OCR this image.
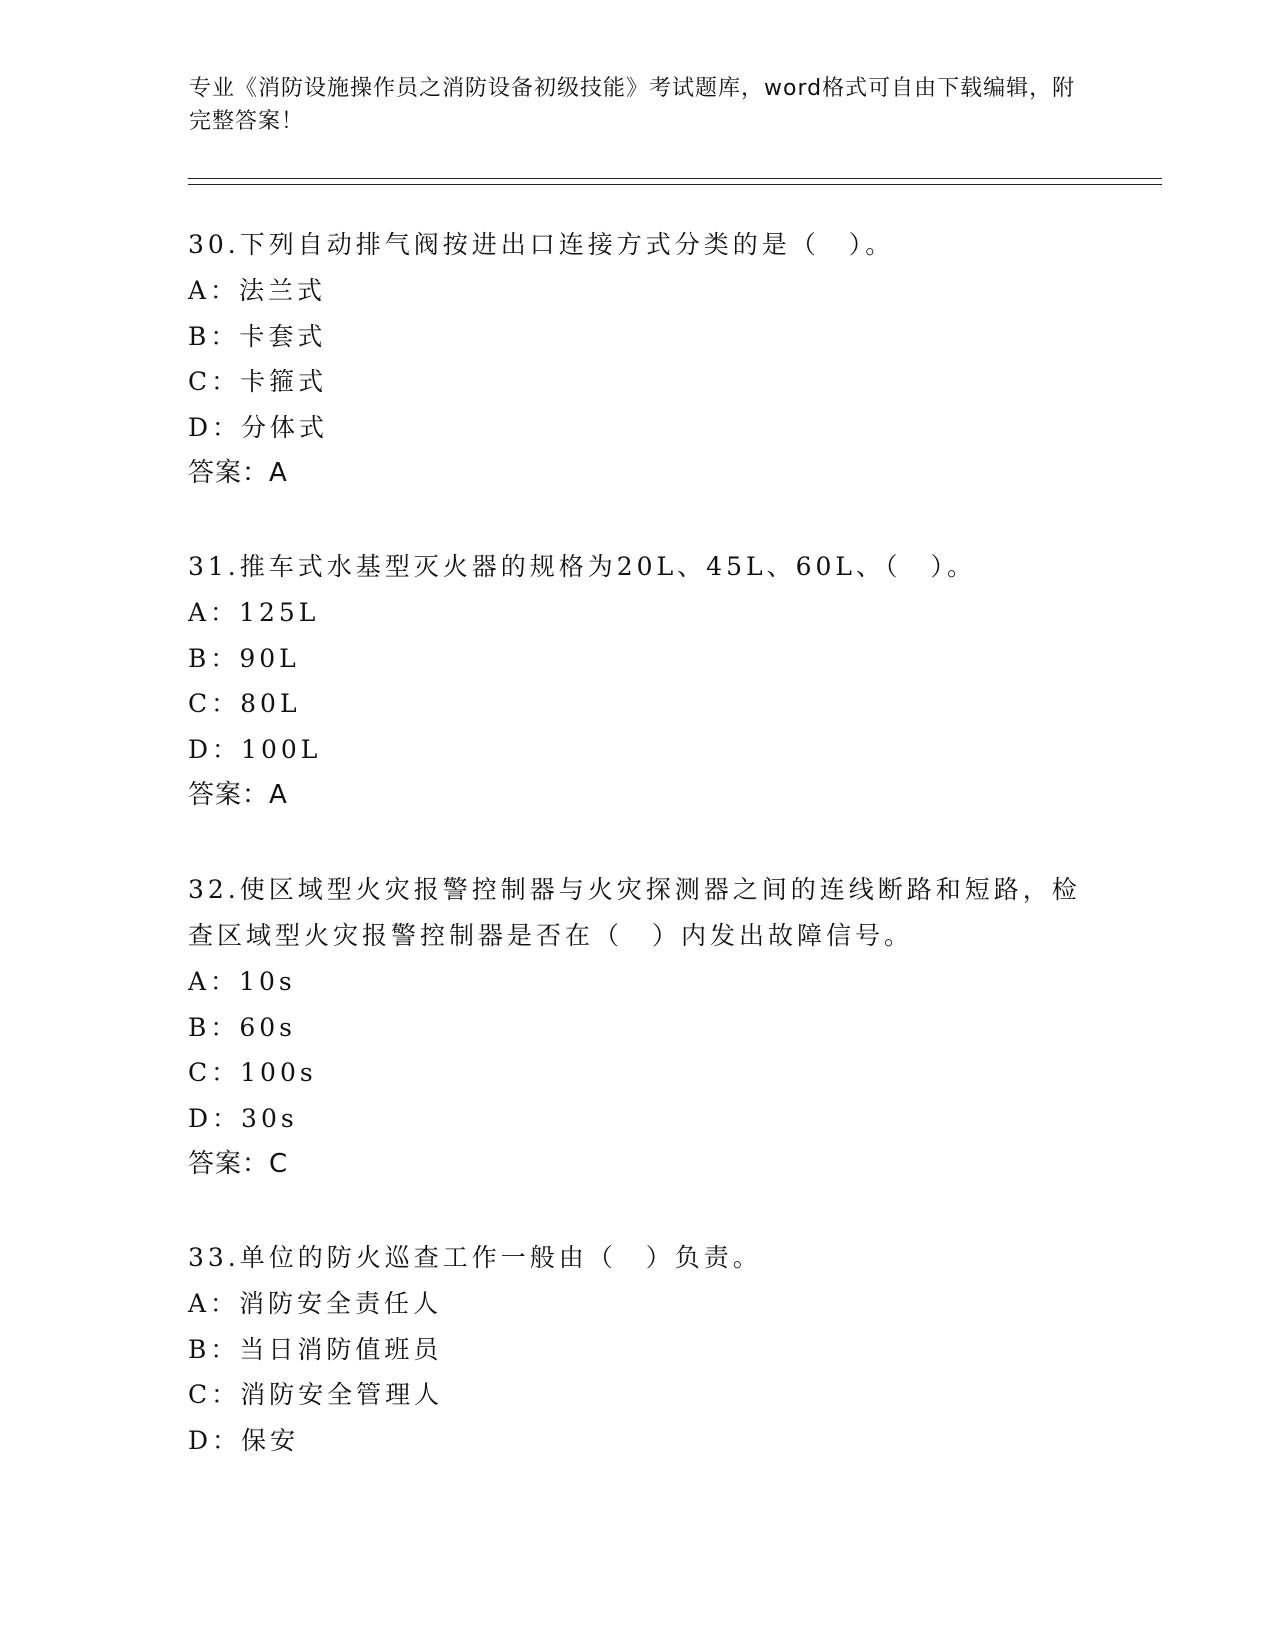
专业《消防设施操作员之消防设备初级技能》考试题库，word格式可自由下载编辑，附完整答案！
30.下列自动排气阀按进出口连接方式分类的是（　）。
A：法兰式
B：卡套式
C：卡箍式
D：分体式
答案：A
31.推车式水基型灭火器的规格为20L、45L、60L、（　）。
A：125L
B：90L
C：80L
D：100L
答案：A
32.使区域型火灾报警控制器与火灾探测器之间的连线断路和短路，检查区域型火灾报警控制器是否在（　）内发出故障信号。
A：10s
B：60s
C：100s
D：30s
答案：C
33.单位的防火巡查工作一般由（　）负责。
A：消防安全责任人
B：当日消防值班员
C：消防安全管理人
D：保安
